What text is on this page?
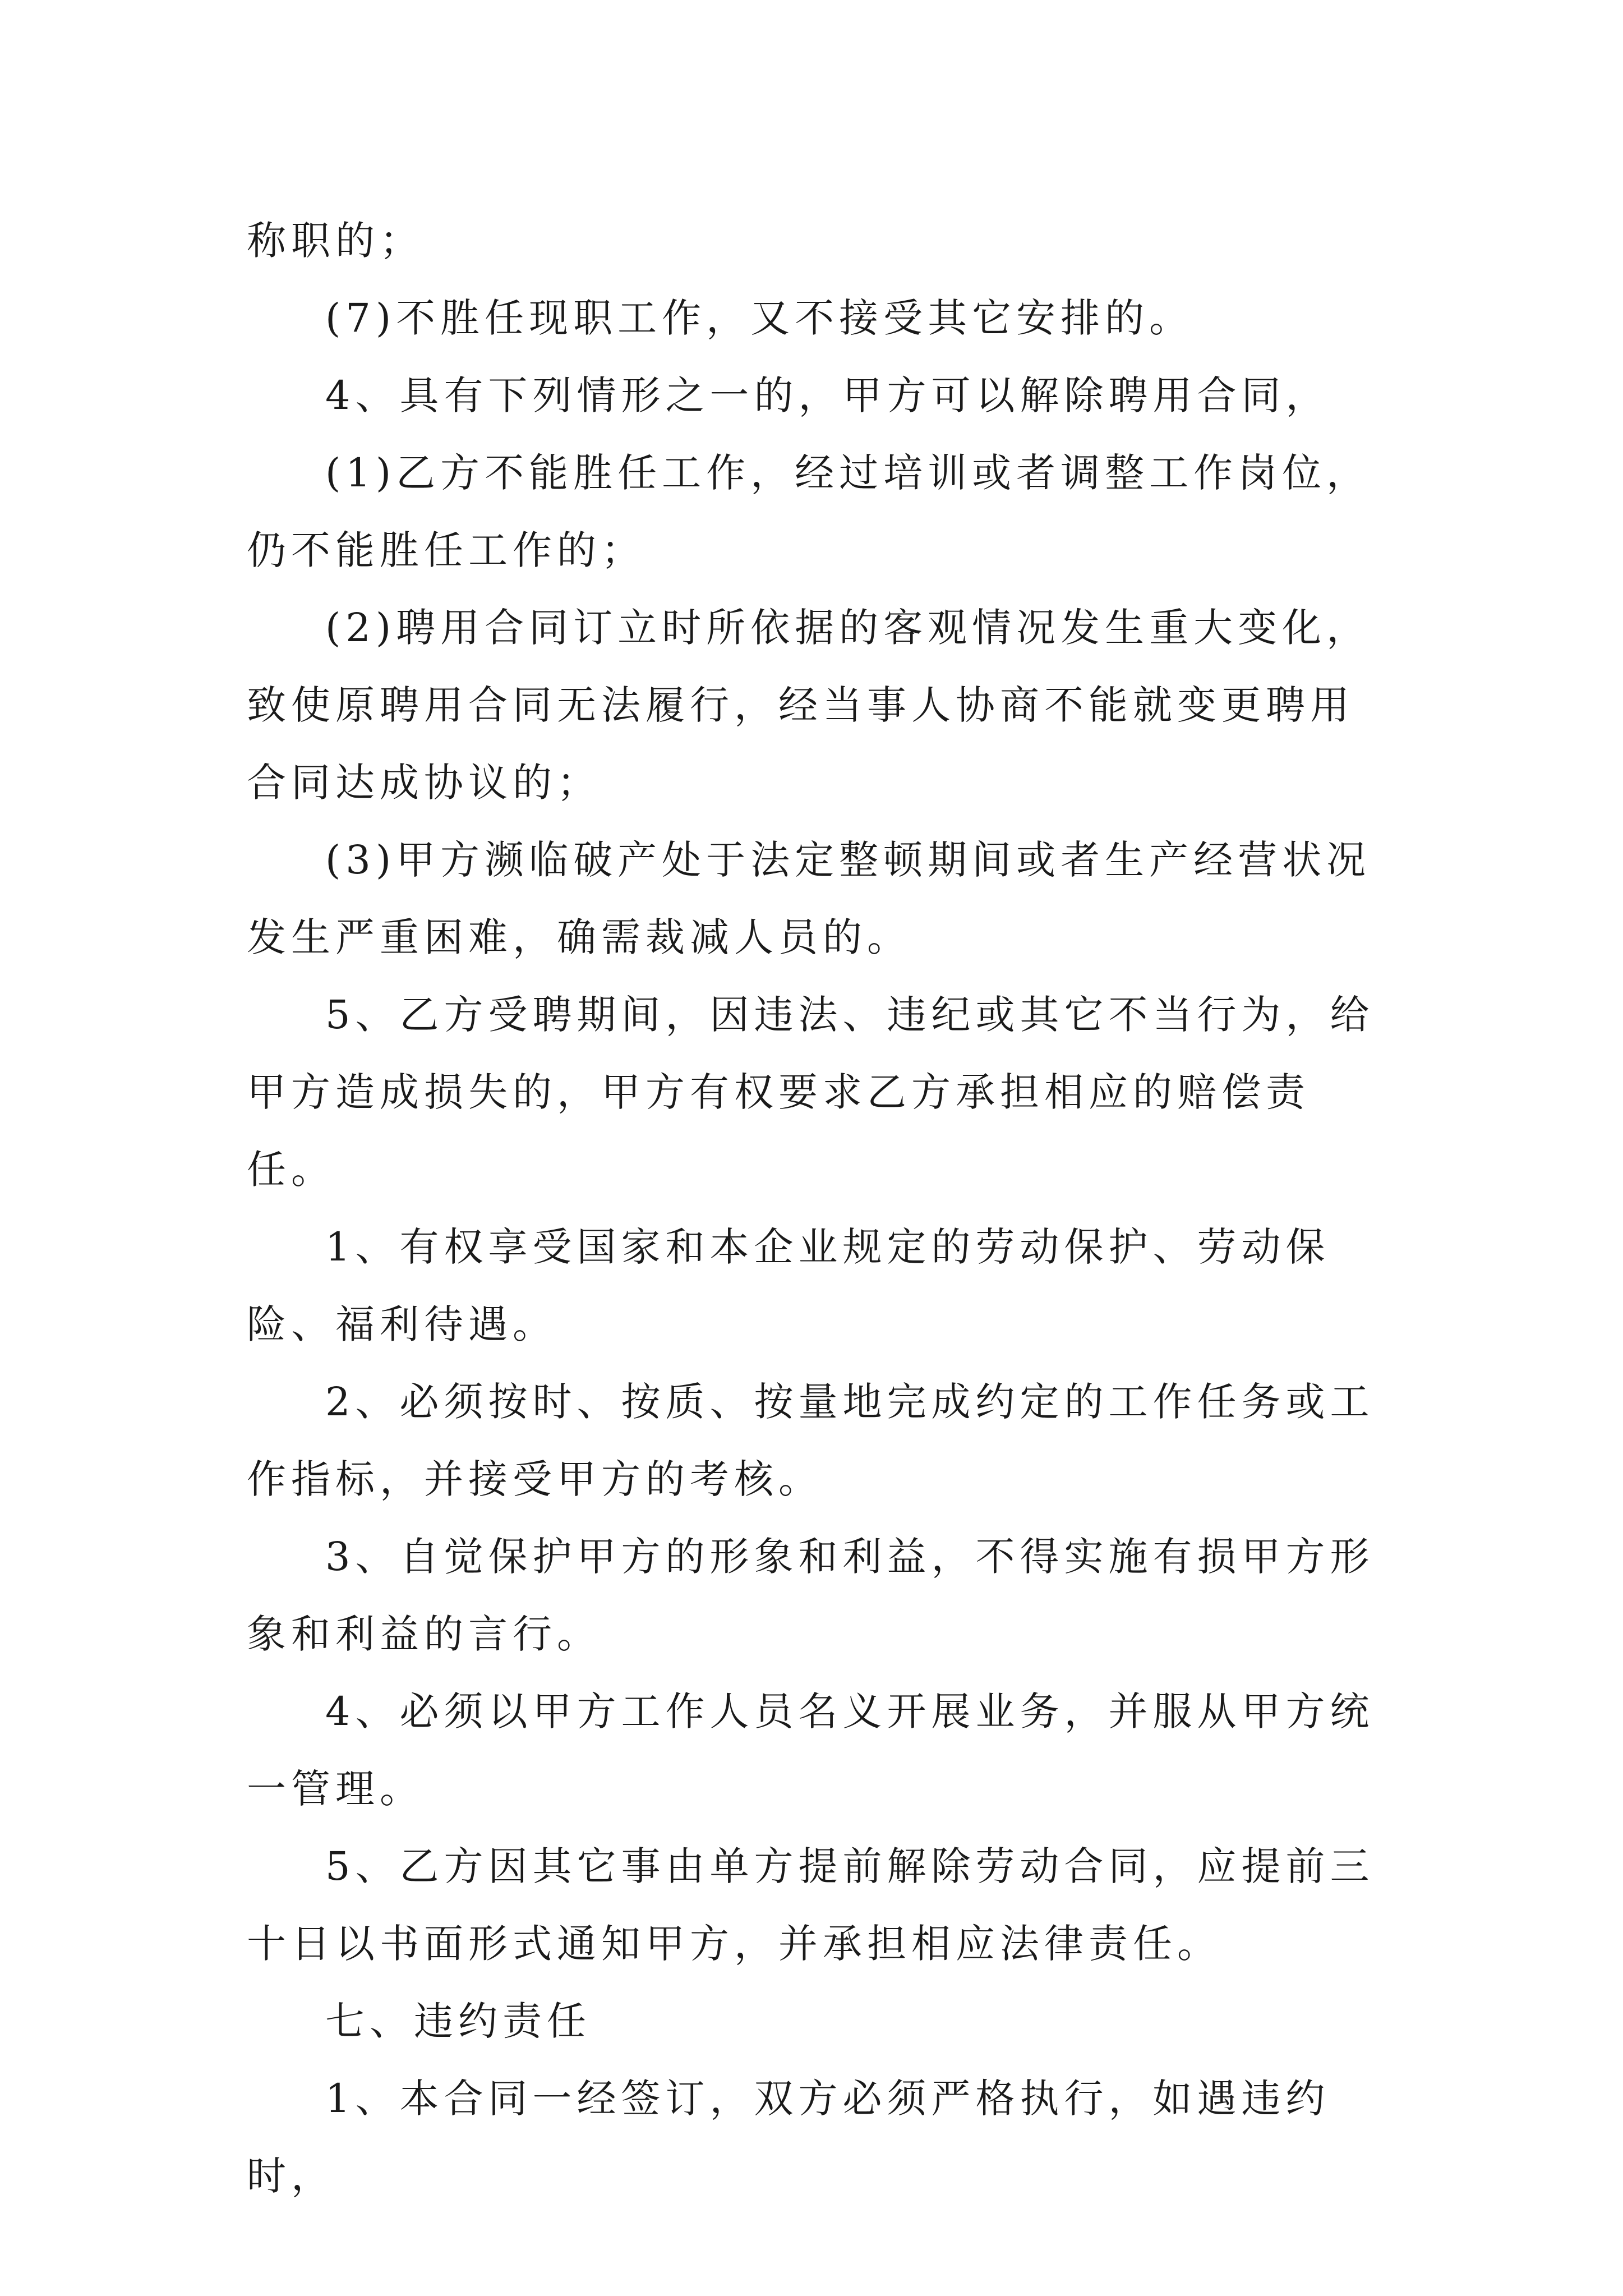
称职的；

(7)不胜任现职工作，又不接受其它安排的。

4、具有下列情形之一的，甲方可以解除聘用合同，

(1)乙方不能胜任工作，经过培训或者调整工作岗位，仍不能胜任工作的；

(2)聘用合同订立时所依据的客观情况发生重大变化，致使原聘用合同无法履行，经当事人协商不能就变更聘用合同达成协议的；

(3)甲方濒临破产处于法定整顿期间或者生产经营状况发生严重困难，确需裁减人员的。

5、乙方受聘期间，因违法、违纪或其它不当行为，给甲方造成损失的，甲方有权要求乙方承担相应的赔偿责任。

1、有权享受国家和本企业规定的劳动保护、劳动保险、福利待遇。

2、必须按时、按质、按量地完成约定的工作任务或工作指标，并接受甲方的考核。

3、自觉保护甲方的形象和利益，不得实施有损甲方形象和利益的言行。

4、必须以甲方工作人员名义开展业务，并服从甲方统一管理。

5、乙方因其它事由单方提前解除劳动合同，应提前三十日以书面形式通知甲方，并承担相应法律责任。

七、违约责任

1、本合同一经签订，双方必须严格执行，如遇违约时，
